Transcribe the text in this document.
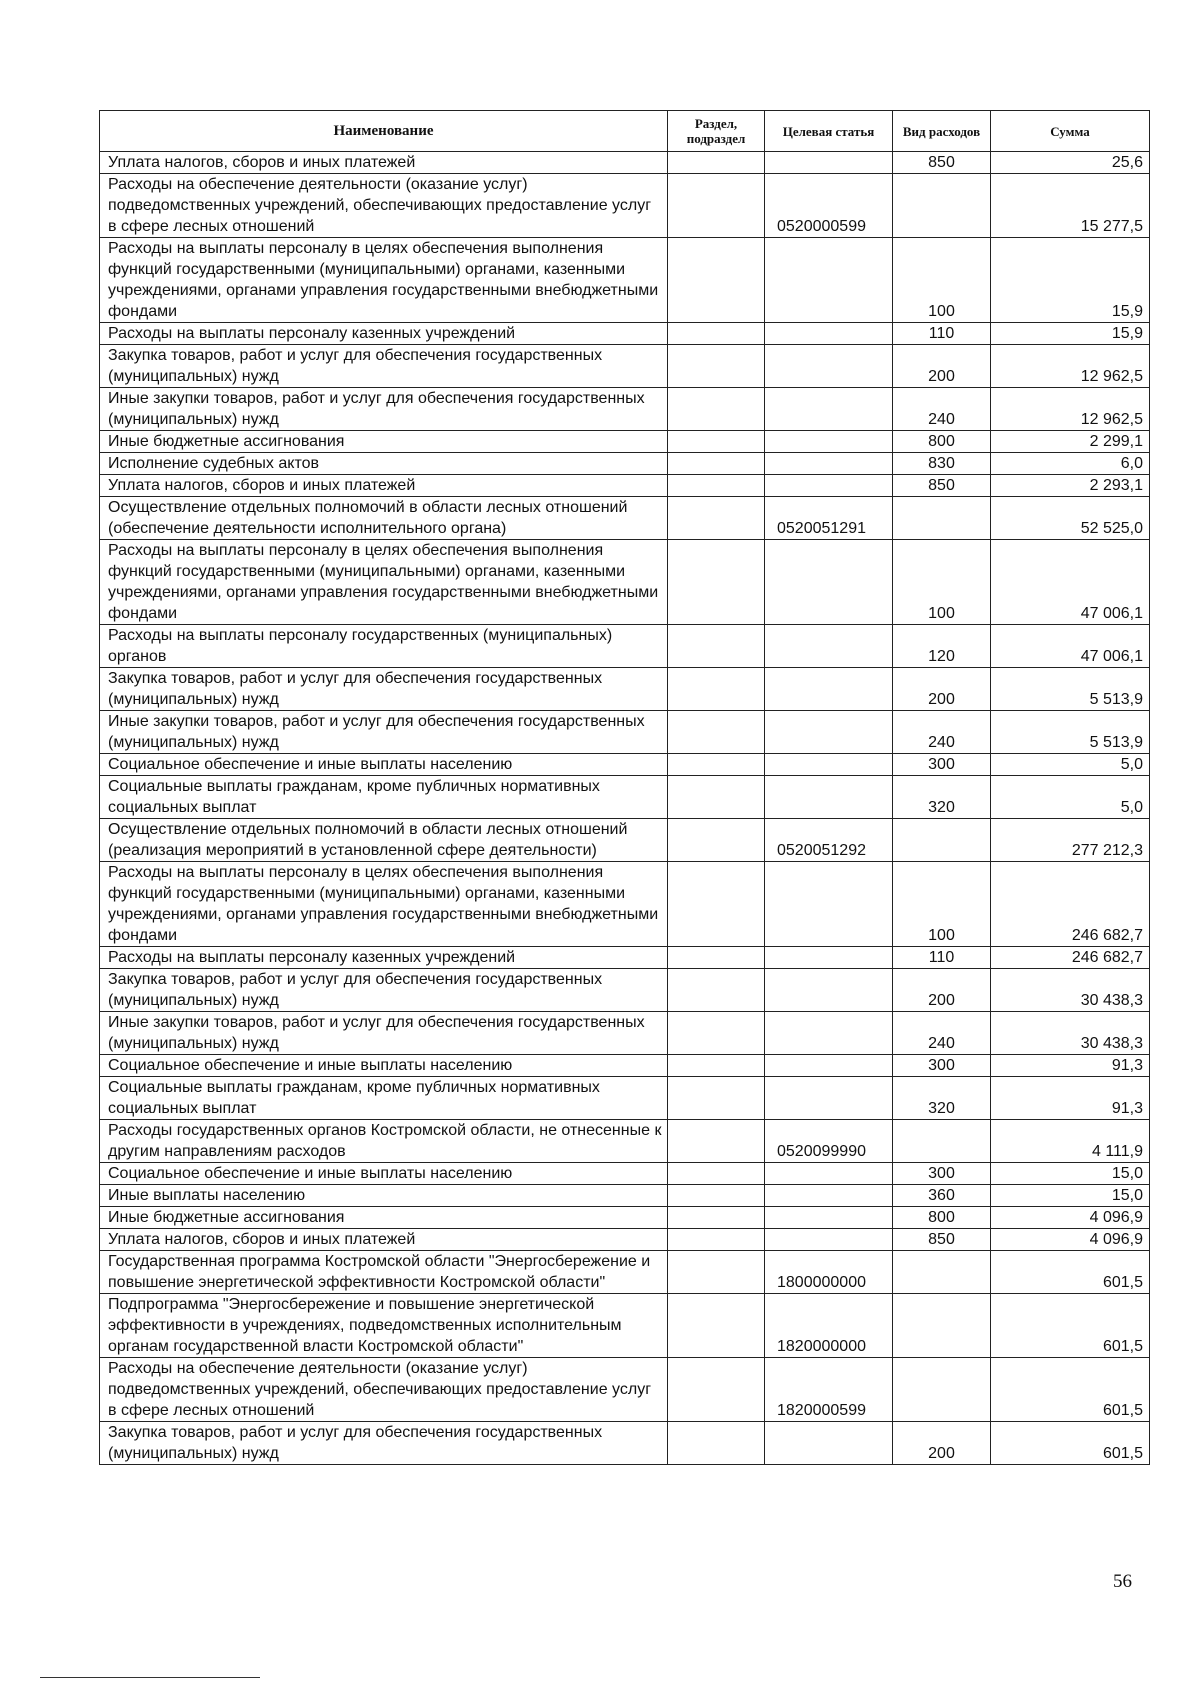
Наименование	Раздел, подраздел	Целевая статья	Вид расходов	Сумма
Уплата налогов, сборов и иных платежей			850	25,6
Расходы на обеспечение деятельности (оказание услуг) подведомственных учреждений, обеспечивающих предоставление услуг в сфере лесных отношений		0520000599		15 277,5
Расходы на выплаты персоналу в целях обеспечения выполнения функций государственными (муниципальными) органами, казенными учреждениями, органами управления государственными внебюджетными фондами			100	15,9
Расходы на выплаты персоналу казенных учреждений			110	15,9
Закупка товаров, работ и услуг для обеспечения государственных (муниципальных) нужд			200	12 962,5
Иные закупки товаров, работ и услуг для обеспечения государственных (муниципальных) нужд			240	12 962,5
Иные бюджетные ассигнования			800	2 299,1
Исполнение судебных актов			830	6,0
Уплата налогов, сборов и иных платежей			850	2 293,1
Осуществление отдельных полномочий в области лесных отношений (обеспечение деятельности исполнительного органа)		0520051291		52 525,0
Расходы на выплаты персоналу в целях обеспечения выполнения функций государственными (муниципальными) органами, казенными учреждениями, органами управления государственными внебюджетными фондами			100	47 006,1
Расходы на выплаты персоналу государственных (муниципальных) органов			120	47 006,1
Закупка товаров, работ и услуг для обеспечения государственных (муниципальных) нужд			200	5 513,9
Иные закупки товаров, работ и услуг для обеспечения государственных (муниципальных) нужд			240	5 513,9
Социальное обеспечение и иные выплаты населению			300	5,0
Социальные выплаты гражданам, кроме публичных нормативных социальных выплат			320	5,0
Осуществление отдельных полномочий в области лесных отношений (реализация мероприятий в установленной сфере деятельности)		0520051292		277 212,3
Расходы на выплаты персоналу в целях обеспечения выполнения функций государственными (муниципальными) органами, казенными учреждениями, органами управления государственными внебюджетными фондами			100	246 682,7
Расходы на выплаты персоналу казенных учреждений			110	246 682,7
Закупка товаров, работ и услуг для обеспечения государственных (муниципальных) нужд			200	30 438,3
Иные закупки товаров, работ и услуг для обеспечения государственных (муниципальных) нужд			240	30 438,3
Социальное обеспечение и иные выплаты населению			300	91,3
Социальные выплаты гражданам, кроме публичных нормативных социальных выплат			320	91,3
Расходы государственных органов Костромской области, не отнесенные к другим направлениям расходов		0520099990		4 111,9
Социальное обеспечение и иные выплаты населению			300	15,0
Иные выплаты населению			360	15,0
Иные бюджетные ассигнования			800	4 096,9
Уплата налогов, сборов и иных платежей			850	4 096,9
Государственная программа Костромской области "Энергосбережение и повышение энергетической эффективности Костромской области"		1800000000		601,5
Подпрограмма "Энергосбережение и повышение энергетической эффективности в учреждениях, подведомственных исполнительным органам государственной власти Костромской области"		1820000000		601,5
Расходы на обеспечение деятельности (оказание услуг) подведомственных учреждений, обеспечивающих предоставление услуг в сфере лесных отношений		1820000599		601,5
Закупка товаров, работ и услуг для обеспечения государственных (муниципальных) нужд			200	601,5
56
